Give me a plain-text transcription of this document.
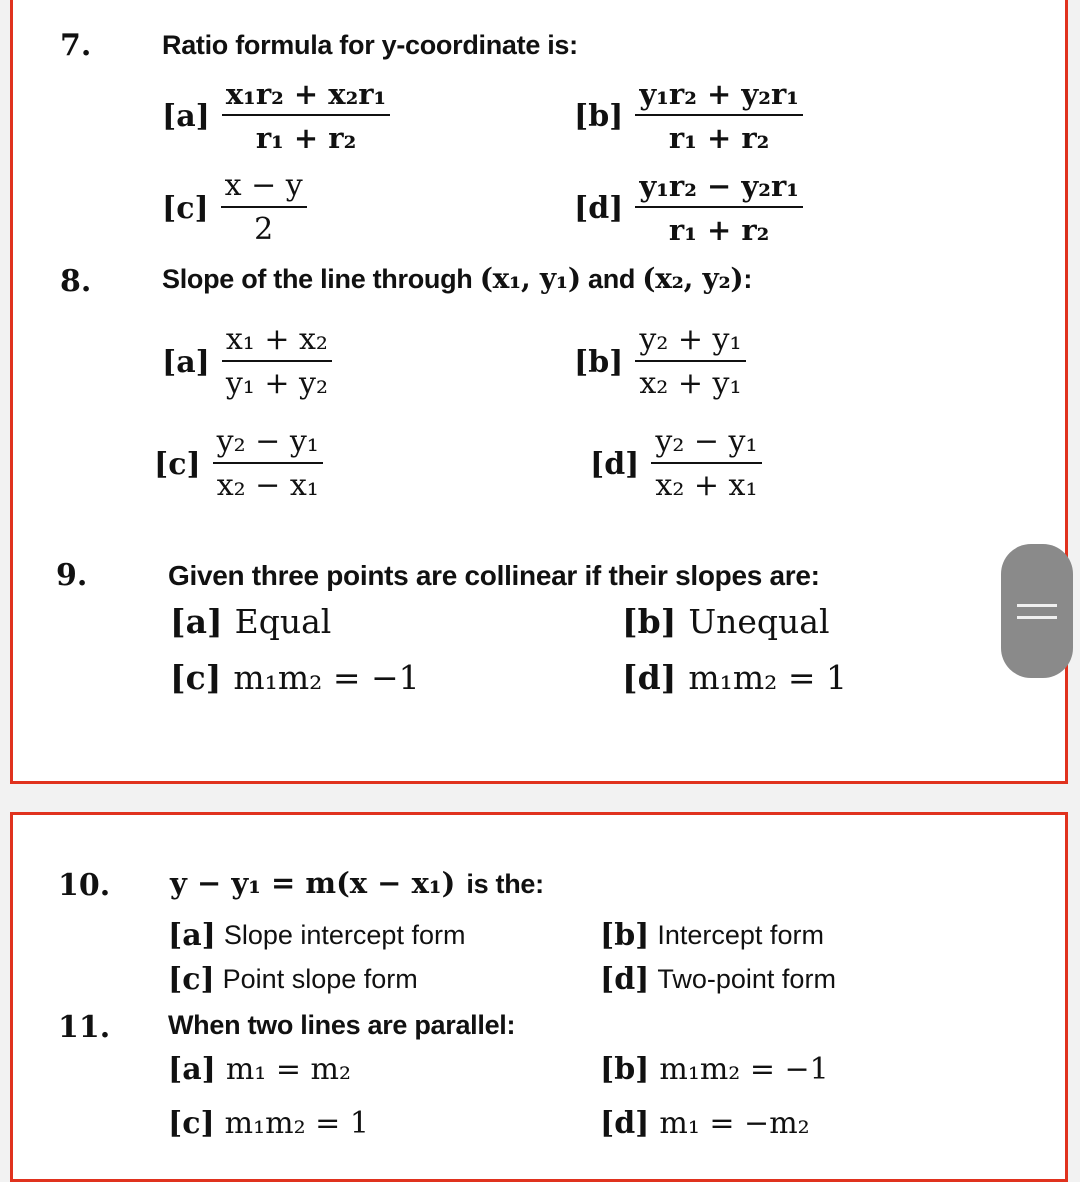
7.	Ratio formula for y-coordinate is:
$[a] \frac{\text{x₁r₂ + x₂r₁}}{\text{r₁ + r₂}}$	$[b] \frac{\text{y₁r₂ + y₂r₁}}{\text{r₁ + r₂}}$
$[c] \frac{x - y}{2}$	$[d] \frac{\text{y₁r₂ − y₂r₁}}{\text{r₁ + r₂}}$
8.	Slope of the line through (x₁, y₁) and (x₂, y₂):
$[a] \frac{\text{x₁ + x₂}}{\text{y₁ + y₂}}$	$[b] \frac{\text{y₂ + y₁}}{\text{x₂ + y₁}}$
$[c] \frac{\text{y₂ − y₁}}{\text{x₂ − x₁}}$	$[d] \frac{\text{y₂ − y₁}}{\text{x₂ + x₁}}$
9.	Given three points are collinear if their slopes are:
[a] Equal	[b] Unequal
[c] m₁m₂ = −1	[d] m₁m₂ = 1
10. y − y₁ = m(x − x₁) is the:
[a] Slope intercept form	[b] Intercept form
[c] Point slope form	[d] Two-point form
11. When two lines are parallel:
[a] m₁ = m₂	[b] m₁m₂ = −1
[c] m₁m₂ = 1	[d] m₁ = −m₂
